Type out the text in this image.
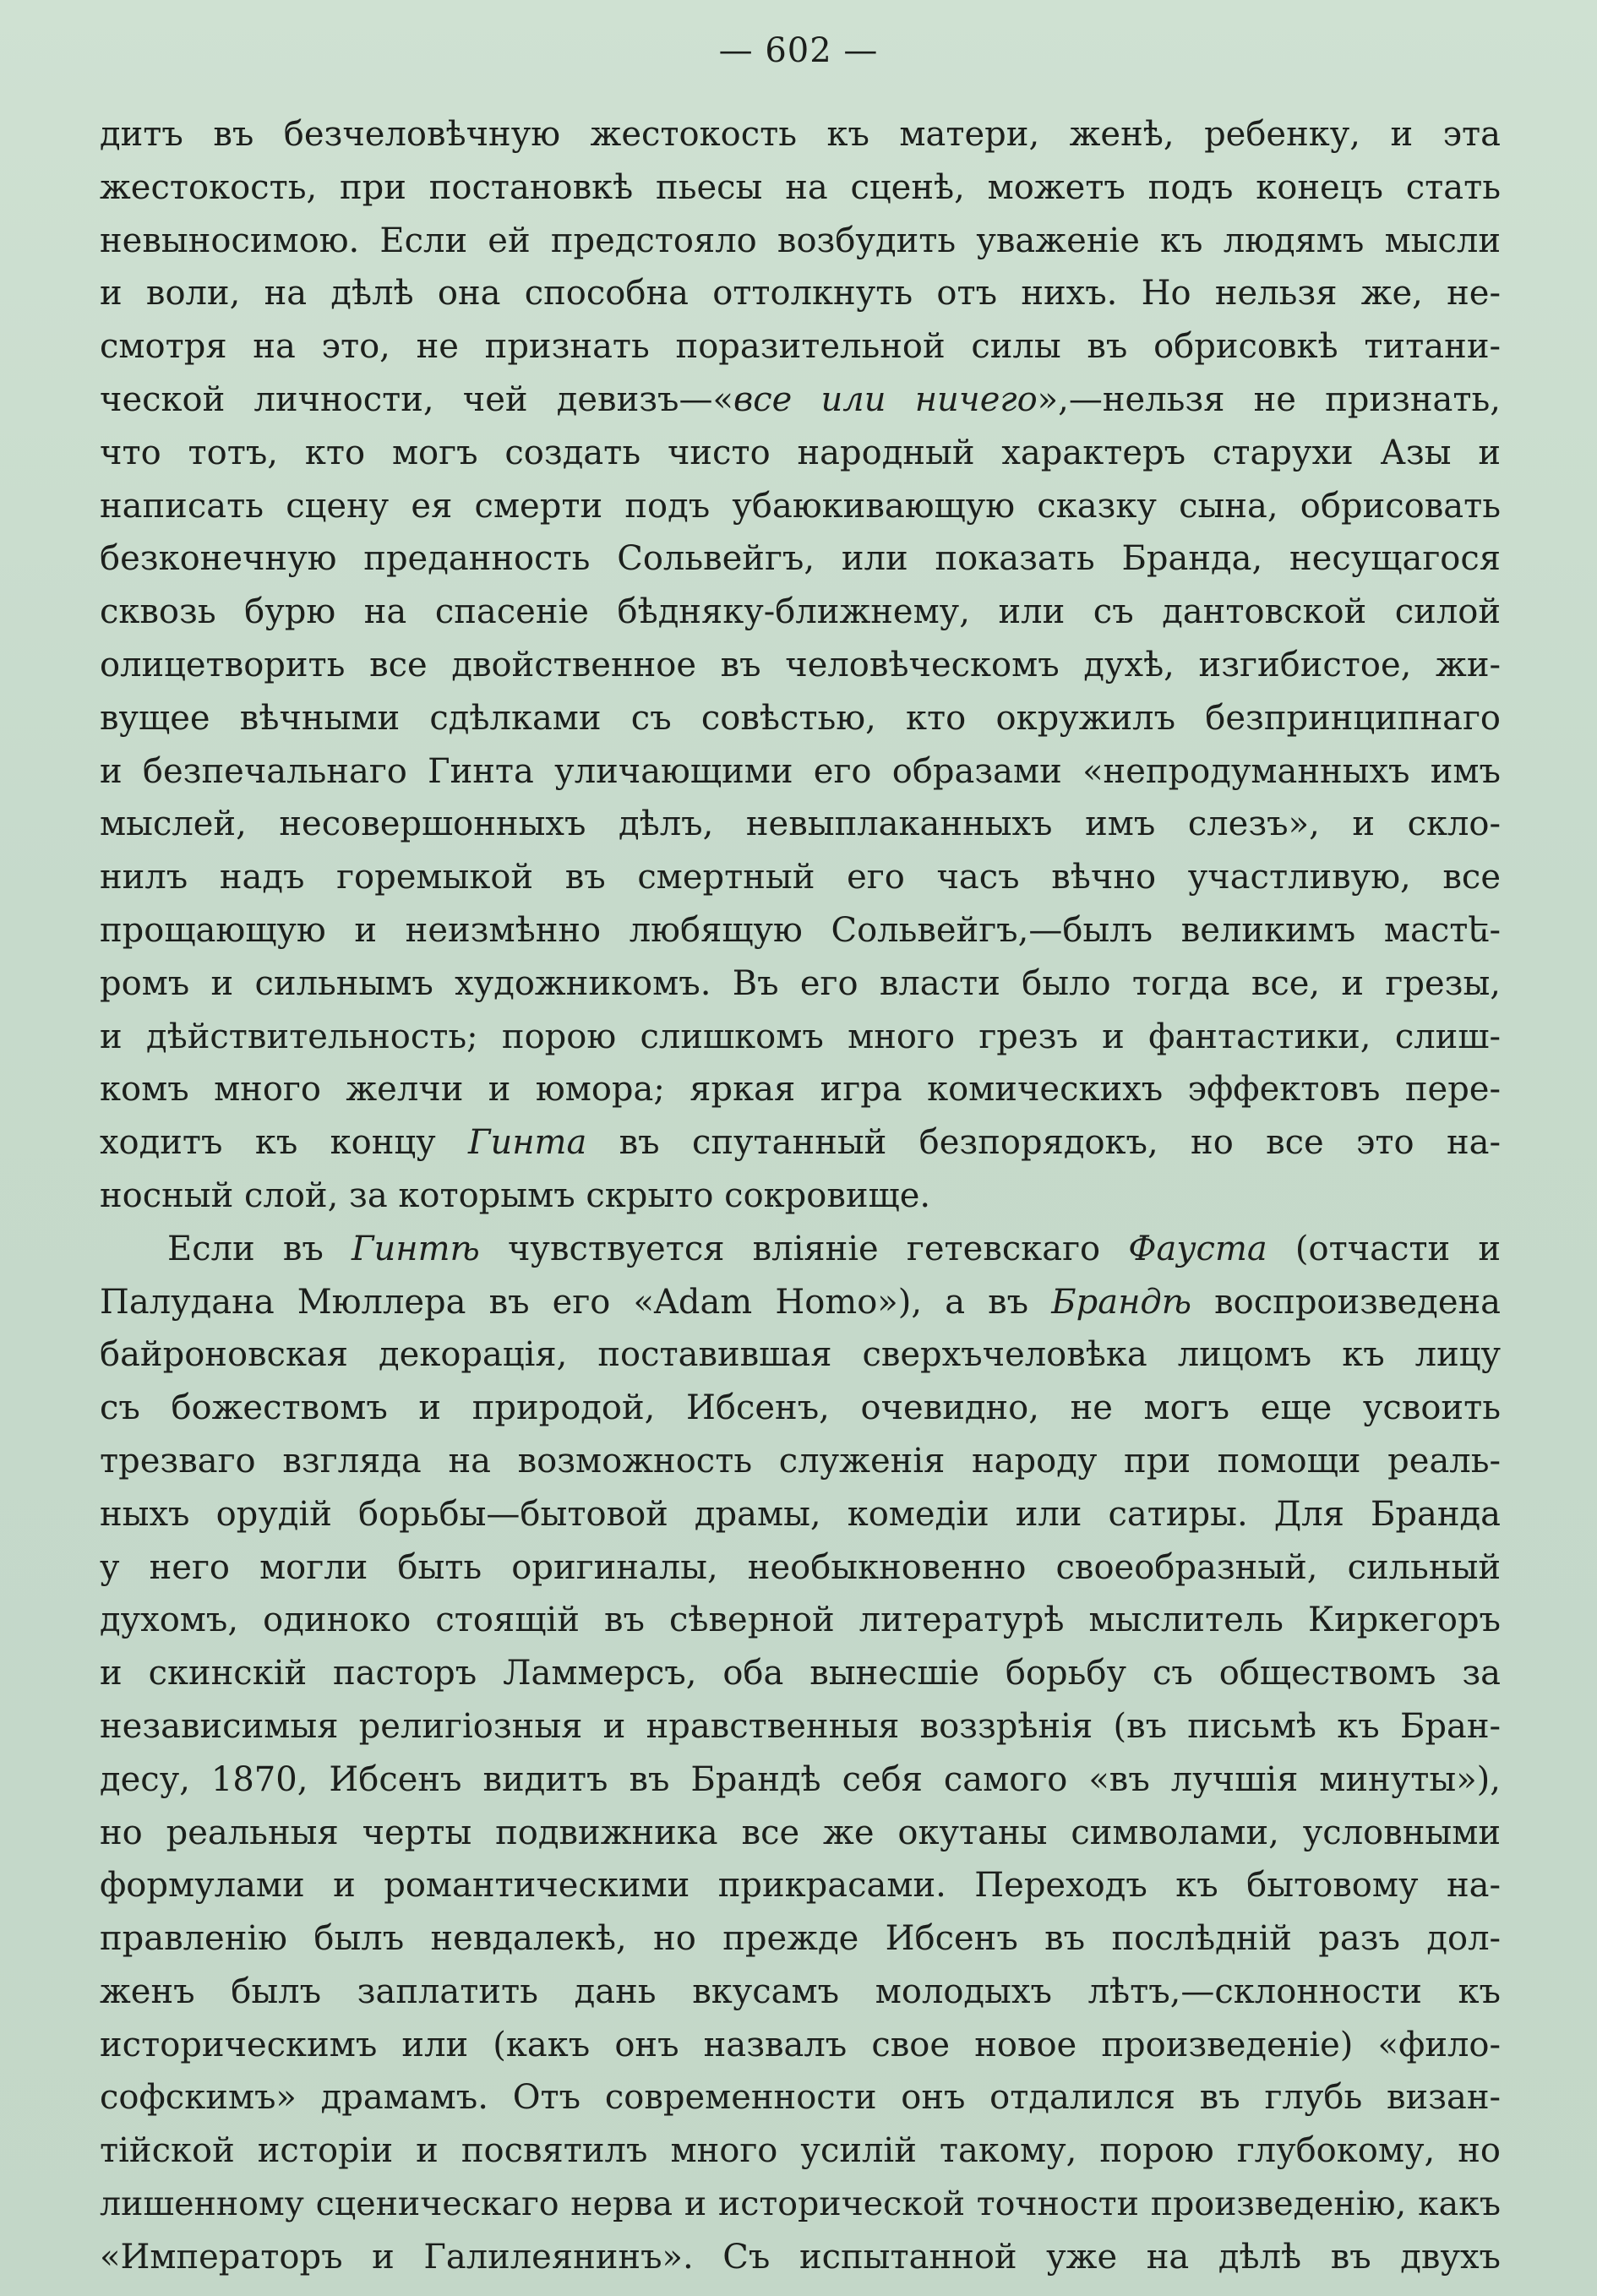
— 602 —
дитъ въ безчеловѣчную жестокость къ матери, женѣ, ребенку, и эта
жестокость, при постановкѣ пьесы на сценѣ, можетъ подъ конецъ стать
невыносимою. Если ей предстояло возбудить уваженіе къ людямъ мысли
и воли, на дѣлѣ она способна оттолкнуть отъ нихъ. Но нельзя же, не-
смотря на это, не признать поразительной силы въ обрисовкѣ титани-
ческой личности, чей девизъ—«все или ничего»,—нельзя не признать,
что тотъ, кто могъ создать чисто народный характеръ старухи Азы и
написать сцену ея смерти подъ убаюкивающую сказку сына, обрисовать
безконечную преданность Сольвейгъ, или показать Бранда, несущагося
сквозь бурю на спасеніе бѣдняку-ближнему, или съ дантовской силой
олицетворить все двойственное въ человѣческомъ духѣ, изгибистое, жи-
вущее вѣчными сдѣлками съ совѣстью, кто окружилъ безпринципнаго
и безпечальнаго Гинта уличающими его образами «непродуманныхъ имъ
мыслей, несовершонныхъ дѣлъ, невыплаканныхъ имъ слезъ», и скло-
нилъ надъ горемыкой въ смертный его часъ вѣчно участливую, все
прощающую и неизмѣнно любящую Сольвейгъ,—былъ великимъ мастե-
ромъ и сильнымъ художникомъ. Въ его власти было тогда все, и грезы,
и дѣйствительность; порою слишкомъ много грезъ и фантастики, слиш-
комъ много желчи и юмора; яркая игра комическихъ эффектовъ пере-
ходитъ къ концу Гинта въ спутанный безпорядокъ, но все это на-
носный слой, за которымъ скрыто сокровище.
Если въ Гинтѣ чувствуется вліяніе гетевскаго Фауста (отчасти и
Палудана Мюллера въ его «Adam Homo»), а въ Брандѣ воспроизведена
байроновская декорація, поставившая сверхъчеловѣка лицомъ къ лицу
съ божествомъ и природой, Ибсенъ, очевидно, не могъ еще усвоить
трезваго взгляда на возможность служенія народу при помощи реаль-
ныхъ орудій борьбы—бытовой драмы, комедіи или сатиры. Для Бранда
у него могли быть оригиналы, необыкновенно своеобразный, сильный
духомъ, одиноко стоящій въ сѣверной литературѣ мыслитель Киркегоръ
и скинскій пасторъ Ламмерсъ, оба вынесшіе борьбу съ обществомъ за
независимыя религіозныя и нравственныя воззрѣнія (въ письмѣ къ Бран-
десу, 1870, Ибсенъ видитъ въ Брандѣ себя самого «въ лучшія минуты»),
но реальныя черты подвижника все же окутаны символами, условными
формулами и романтическими прикрасами. Переходъ къ бытовому на-
правленію былъ невдалекѣ, но прежде Ибсенъ въ послѣдній разъ дол-
женъ былъ заплатить дань вкусамъ молодыхъ лѣтъ,—склонности къ
историческимъ или (какъ онъ назвалъ свое новое произведеніе) «фило-
софскимъ» драмамъ. Отъ современности онъ отдалился въ глубь визан-
тійской исторіи и посвятилъ много усилій такому, порою глубокому, но
лишенному сценическаго нерва и исторической точности произведенію, какъ
«Императоръ и Галилеянинъ». Съ испытанной уже на дѣлѣ въ двухъ
